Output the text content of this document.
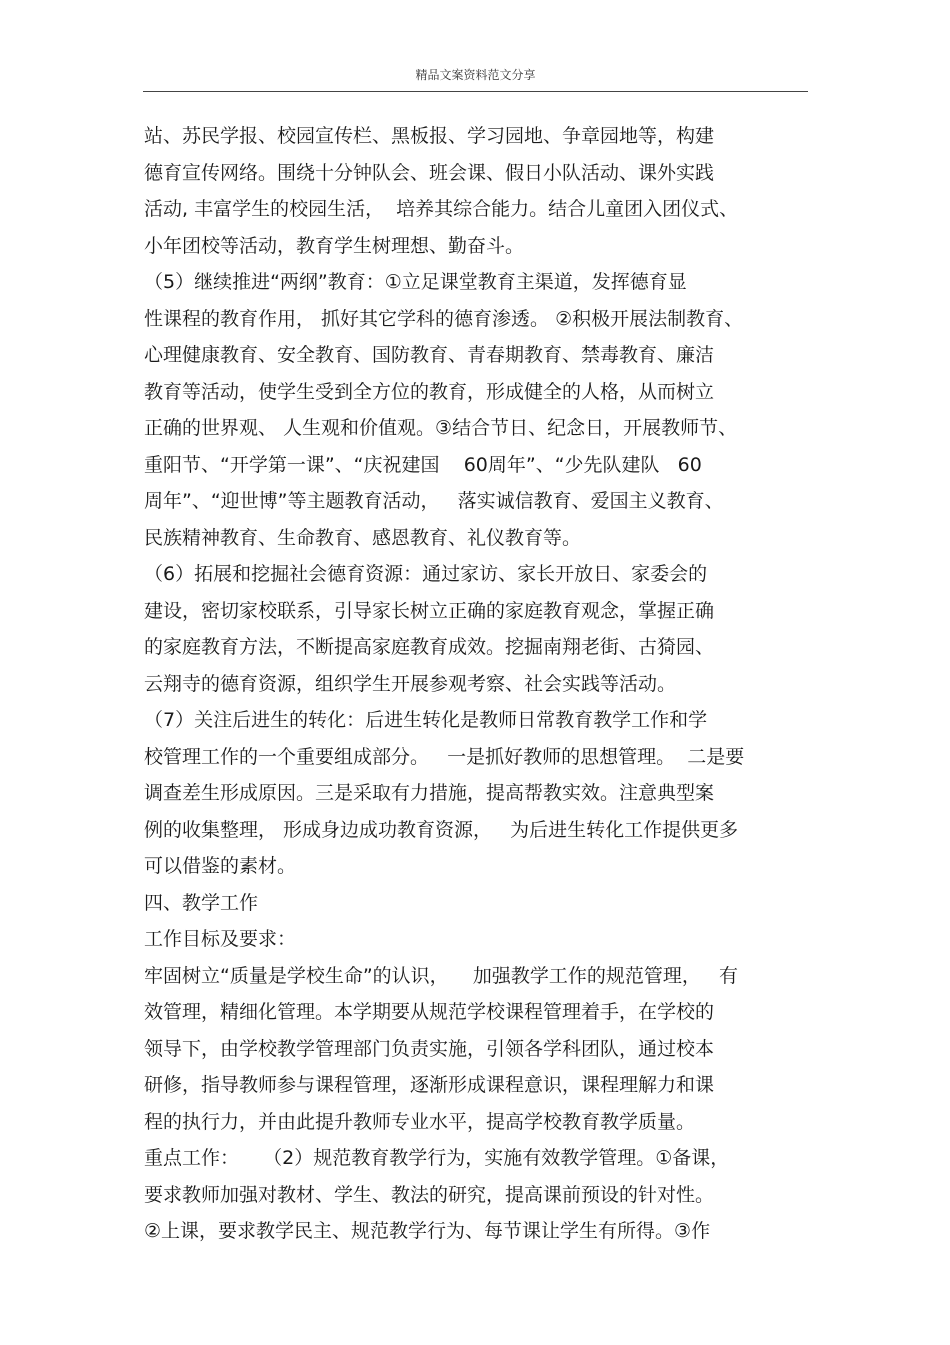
精品文案资料范文分享
站、苏民学报、校园宣传栏、黑板报、学习园地、争章园地等，构建
德育宣传网络。围绕十分钟队会、班会课、假日小队活动、课外实践
活动, 丰富学生的校园生活，  培养其综合能力。结合儿童团入团仪式、
小年团校等活动，教育学生树理想、勤奋斗。
（5）继续推进“两纲”教育：①立足课堂教育主渠道，发挥德育显
性课程的教育作用， 抓好其它学科的德育渗透。 ②积极开展法制教育、
心理健康教育、安全教育、国防教育、青春期教育、禁毒教育、廉洁
教育等活动，使学生受到全方位的教育，形成健全的人格，从而树立
正确的世界观、 人生观和价值观。③结合节日、纪念日，开展教师节、
重阳节、“开学第一课”、“庆祝建国    60周年”、“少先队建队   60
周年”、“迎世博”等主题教育活动，   落实诚信教育、爱国主义教育、
民族精神教育、生命教育、感恩教育、礼仪教育等。
（6）拓展和挖掘社会德育资源：通过家访、家长开放日、家委会的
建设，密切家校联系，引导家长树立正确的家庭教育观念，掌握正确
的家庭教育方法，不断提高家庭教育成效。挖掘南翔老街、古猗园、
云翔寺的德育资源，组织学生开展参观考察、社会实践等活动。
（7）关注后进生的转化：后进生转化是教师日常教育教学工作和学
校管理工作的一个重要组成部分。   一是抓好教师的思想管理。  二是要
调查差生形成原因。三是采取有力措施，提高帮教实效。注意典型案
例的收集整理， 形成身边成功教育资源，   为后进生转化工作提供更多
可以借鉴的素材。
四、教学工作
工作目标及要求：
牢固树立“质量是学校生命”的认识，    加强教学工作的规范管理，   有
效管理，精细化管理。本学期要从规范学校课程管理着手，在学校的
领导下，由学校教学管理部门负责实施，引领各学科团队，通过校本
研修，指导教师参与课程管理，逐渐形成课程意识，课程理解力和课
程的执行力，并由此提升教师专业水平，提高学校教育教学质量。
重点工作：    （2）规范教育教学行为，实施有效教学管理。①备课，
要求教师加强对教材、学生、教法的研究，提高课前预设的针对性。
②上课，要求教学民主、规范教学行为、每节课让学生有所得。③作
